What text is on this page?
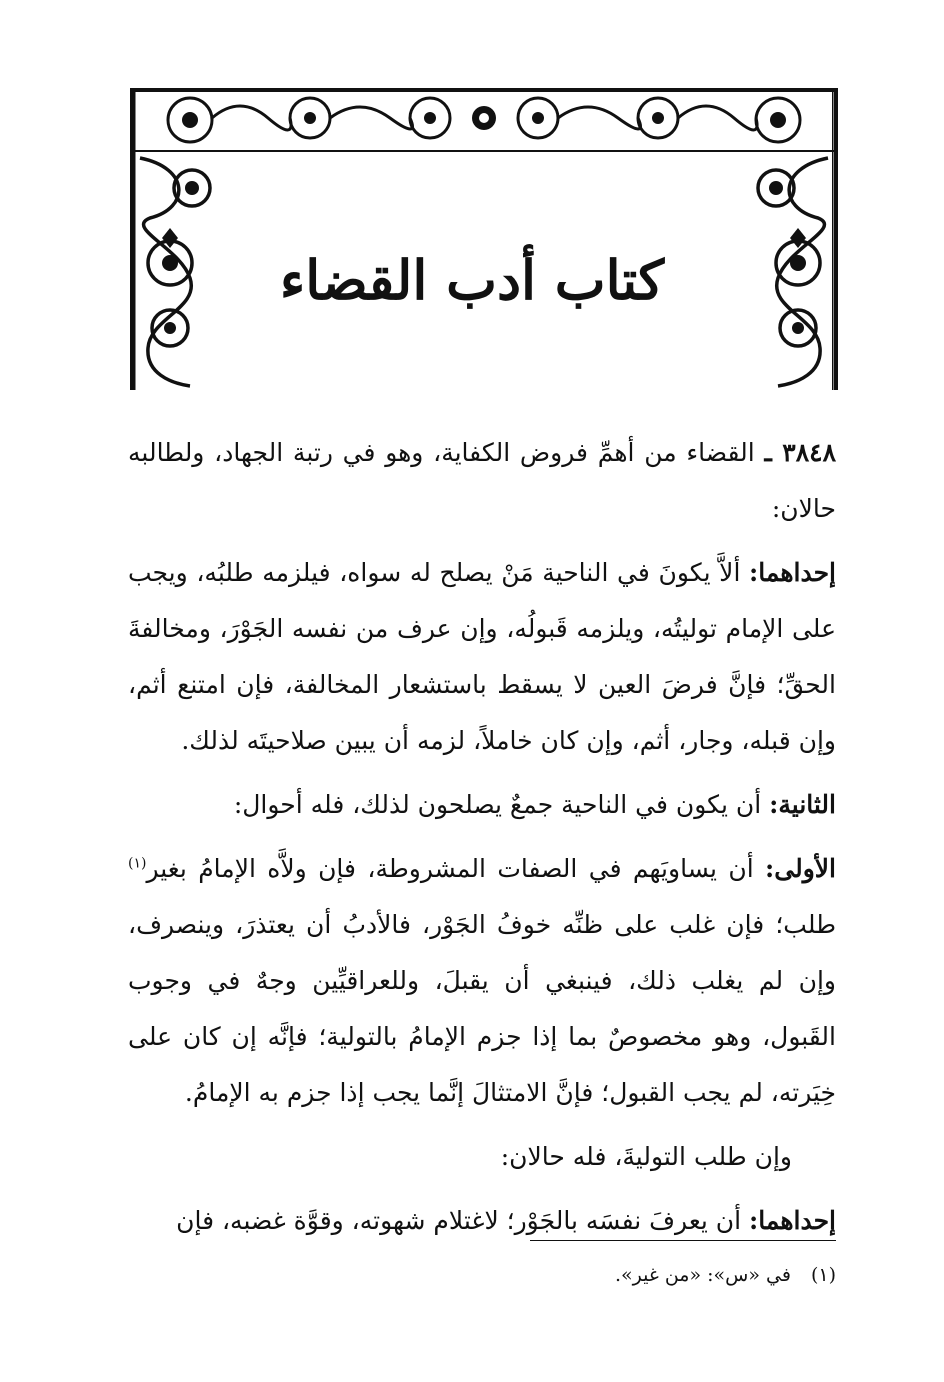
كتاب أدب القضاء

٣٨٤٨ ـ القضاء من أهمِّ فروض الكفاية، وهو في رتبة الجهاد، ولطالبه حالان:

إحداهما: ألاَّ يكونَ في الناحية مَنْ يصلح له سواه، فيلزمه طلبُه، ويجب على الإمام توليتُه، ويلزمه قَبولُه، وإن عرف من نفسه الجَوْرَ، ومخالفةَ الحقِّ؛ فإنَّ فرضَ العين لا يسقط باستشعار المخالفة، فإن امتنع أثم، وإن قبله، وجار، أثم، وإن كان خاملاً، لزمه أن يبين صلاحيتَه لذلك.

الثانية: أن يكون في الناحية جمعٌ يصلحون لذلك، فله أحوال:

الأولى: أن يساويَهم في الصفات المشروطة، فإن ولاَّه الإمامُ بغير$^{(١)}$ طلب؛ فإن غلب على ظنِّه خوفُ الجَوْر، فالأدبُ أن يعتذرَ، وينصرف، وإن لم يغلب ذلك، فينبغي أن يقبلَ، وللعراقيِّين وجهٌ في وجوب القَبول، وهو مخصوصٌ بما إذا جزم الإمامُ بالتولية؛ فإنَّه إن كان على خِيَرته، لم يجب القبول؛ فإنَّ الامتثالَ إنَّما يجب إذا جزم به الإمامُ.

وإن طلب التوليةَ، فله حالان:

إحداهما: أن يعرفَ نفسَه بالجَوْر؛ لاغتلام شهوته، وقوَّة غضبه، فإن

(١)في «س»: «من غير».
